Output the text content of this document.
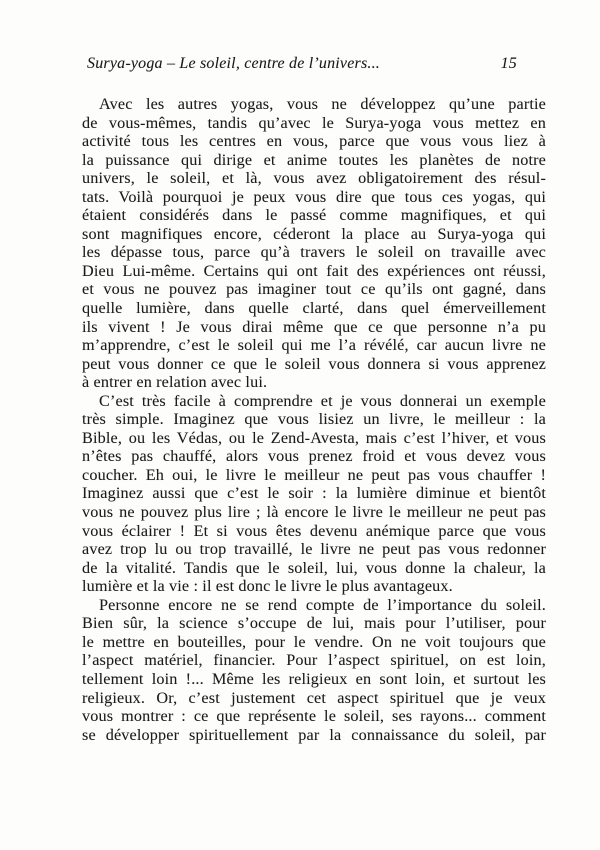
Surya-yoga – Le soleil, centre de l’univers...	15
Avec les autres yogas, vous ne développez qu’une partie
de vous-mêmes, tandis qu’avec le Surya-yoga vous mettez en
activité tous les centres en vous, parce que vous vous liez à
la puissance qui dirige et anime toutes les planètes de notre
univers, le soleil, et là, vous avez obligatoirement des résul-
tats. Voilà pourquoi je peux vous dire que tous ces yogas, qui
étaient considérés dans le passé comme magnifiques, et qui
sont magnifiques encore, céderont la place au Surya-yoga qui
les dépasse tous, parce qu’à travers le soleil on travaille avec
Dieu Lui-même. Certains qui ont fait des expériences ont réussi,
et vous ne pouvez pas imaginer tout ce qu’ils ont gagné, dans
quelle lumière, dans quelle clarté, dans quel émerveillement
ils vivent ! Je vous dirai même que ce que personne n’a pu
m’apprendre, c’est le soleil qui me l’a révélé, car aucun livre ne
peut vous donner ce que le soleil vous donnera si vous apprenez
à entrer en relation avec lui.
C’est très facile à comprendre et je vous donnerai un exemple
très simple. Imaginez que vous lisiez un livre, le meilleur : la
Bible, ou les Védas, ou le Zend-Avesta, mais c’est l’hiver, et vous
n’êtes pas chauffé, alors vous prenez froid et vous devez vous
coucher. Eh oui, le livre le meilleur ne peut pas vous chauffer !
Imaginez aussi que c’est le soir : la lumière diminue et bientôt
vous ne pouvez plus lire ; là encore le livre le meilleur ne peut pas
vous éclairer ! Et si vous êtes devenu anémique parce que vous
avez trop lu ou trop travaillé, le livre ne peut pas vous redonner
de la vitalité. Tandis que le soleil, lui, vous donne la chaleur, la
lumière et la vie : il est donc le livre le plus avantageux.
Personne encore ne se rend compte de l’importance du soleil.
Bien sûr, la science s’occupe de lui, mais pour l’utiliser, pour
le mettre en bouteilles, pour le vendre. On ne voit toujours que
l’aspect matériel, financier. Pour l’aspect spirituel, on est loin,
tellement loin !... Même les religieux en sont loin, et surtout les
religieux. Or, c’est justement cet aspect spirituel que je veux
vous montrer : ce que représente le soleil, ses rayons... comment
se développer spirituellement par la connaissance du soleil, par
